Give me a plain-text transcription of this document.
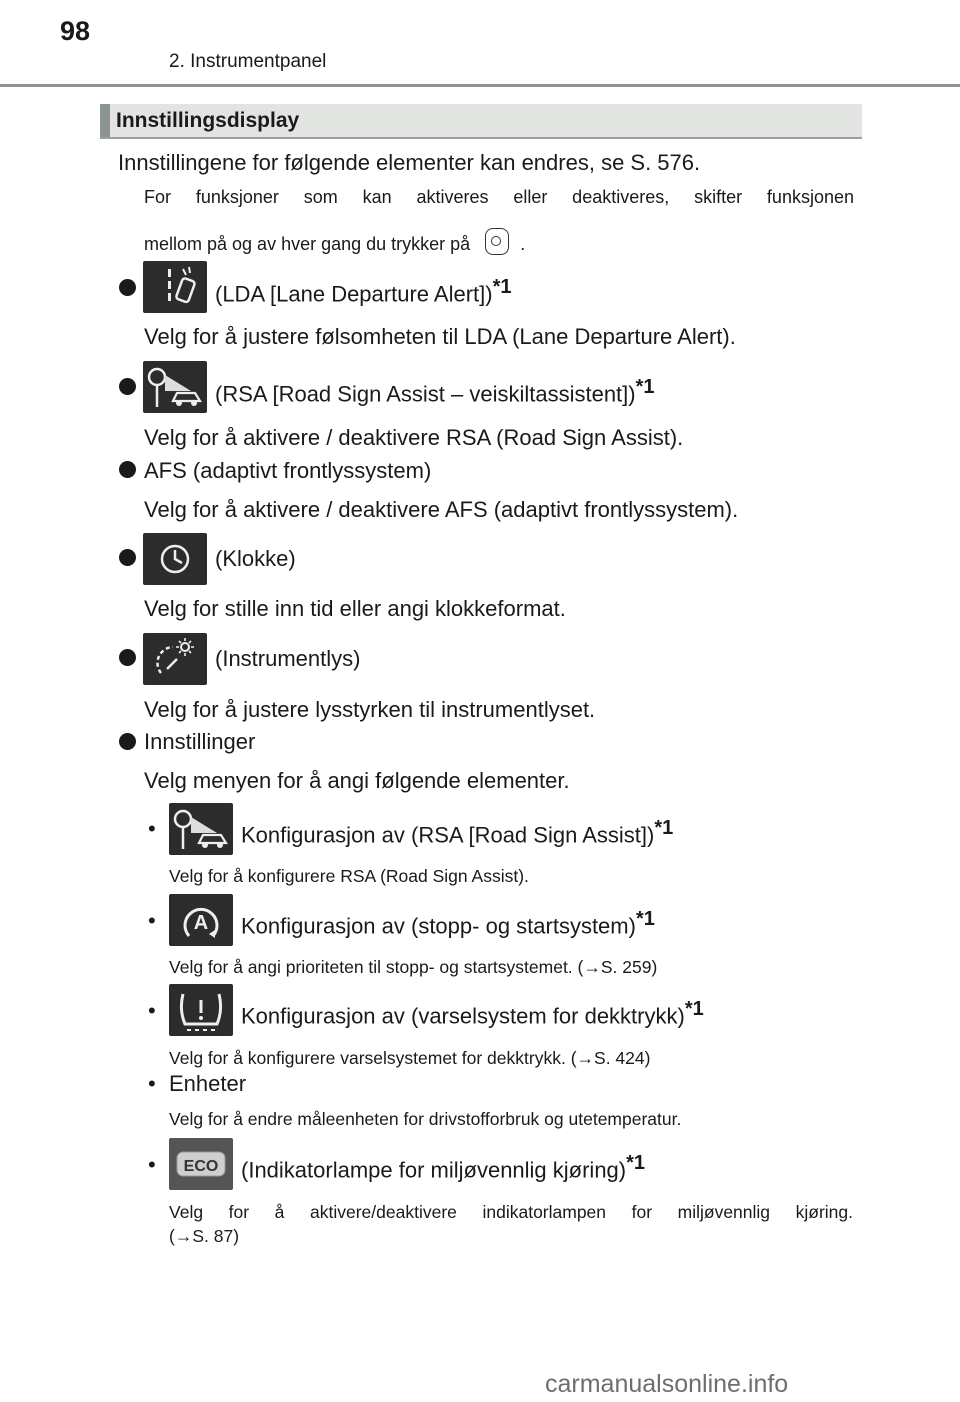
98
2. Instrumentpanel
Innstillingsdisplay
Innstillingene for følgende elementer kan endres, se S. 576.
For funksjoner som kan aktiveres eller deaktiveres, skifter funksjonen
mellom på og av hver gang du trykker på	.
(LDA [Lane Departure Alert])$^{*1}$
Velg for å justere følsomheten til LDA (Lane Departure Alert).
(RSA [Road Sign Assist – veiskiltassistent])$^{*1}$
Velg for å aktivere / deaktivere RSA (Road Sign Assist).
AFS (adaptivt frontlyssystem)
Velg for å aktivere / deaktivere AFS (adaptivt frontlyssystem).
(Klokke)
Velg for stille inn tid eller angi klokkeformat.
(Instrumentlys)
Velg for å justere lysstyrken til instrumentlyset.
Innstillinger
Velg menyen for å angi følgende elementer.
•	Konfigurasjon av (RSA [Road Sign Assist])$^{*1}$
Velg for å konfigurere RSA (Road Sign Assist).
• A Konfigurasjon av (stopp- og startsystem)$^{*1}$
Velg for å angi prioriteten til stopp- og startsystemet. (→S. 259)
•	Konfigurasjon av (varselsystem for dekktrykk)$^{*1}$
Velg for å konfigurere varselsystemet for dekktrykk. (→S. 424)
• Enheter
Velg for å endre måleenheten for drivstofforbruk og utetemperatur.
• ECO (Indikatorlampe for miljøvennlig kjøring)$^{*1}$
Velg for å aktivere/deaktivere indikatorlampen for miljøvennlig kjøring.
(→S. 87)
carmanualsonline.info
